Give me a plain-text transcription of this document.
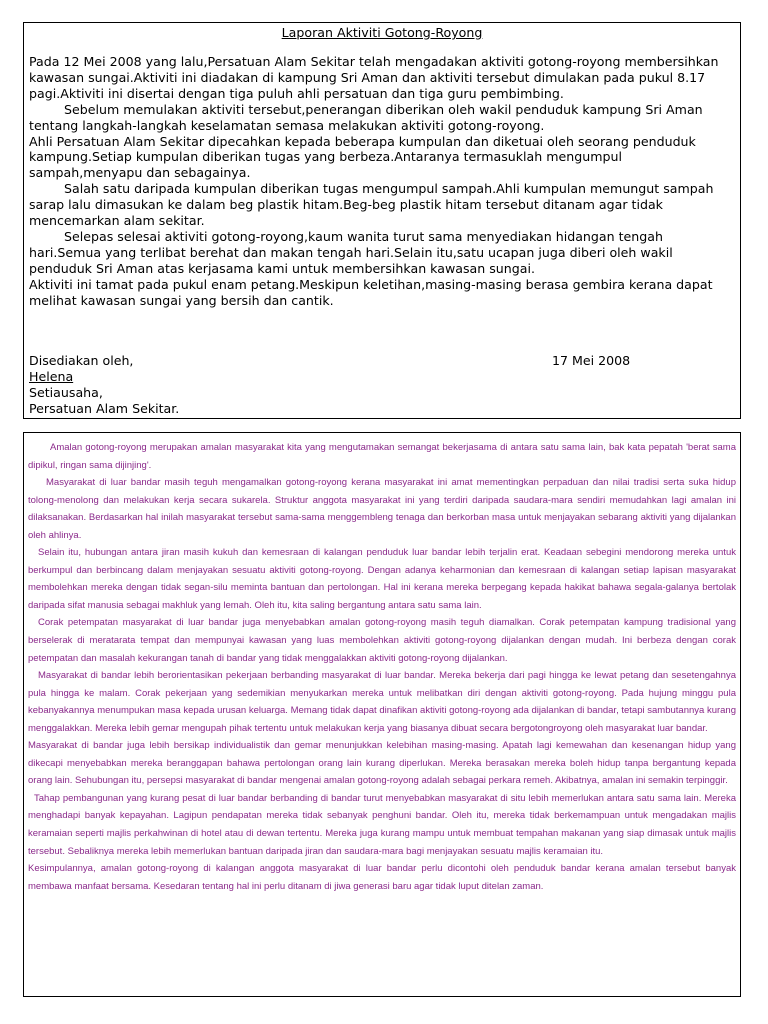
Laporan Aktiviti Gotong-Royong

Pada 12 Mei 2008 yang lalu,Persatuan Alam Sekitar telah mengadakan aktiviti gotong-royong membersihkan kawasan sungai.Aktiviti ini diadakan di kampung Sri Aman dan aktiviti tersebut dimulakan pada pukul 8.17 pagi.Aktiviti ini disertai dengan tiga puluh ahli persatuan dan tiga guru pembimbing.

Sebelum memulakan aktiviti tersebut,penerangan diberikan oleh wakil penduduk kampung Sri Aman tentang langkah-langkah keselamatan semasa melakukan aktiviti gotong-royong.

Ahli Persatuan Alam Sekitar dipecahkan kepada beberapa kumpulan dan diketuai oleh seorang penduduk kampung.Setiap kumpulan diberikan tugas yang berbeza.Antaranya termasuklah mengumpul sampah,menyapu dan sebagainya.

Salah satu daripada kumpulan diberikan tugas mengumpul sampah.Ahli kumpulan memungut sampah sarap lalu dimasukan ke dalam beg plastik hitam.Beg-beg plastik hitam tersebut ditanam agar tidak mencemarkan alam sekitar.

Selepas selesai aktiviti gotong-royong,kaum wanita turut sama menyediakan hidangan tengah hari.Semua yang terlibat berehat dan makan tengah hari.Selain itu,satu ucapan juga diberi oleh wakil penduduk Sri Aman atas kerjasama kami untuk membersihkan kawasan sungai.

Aktiviti ini tamat pada pukul enam petang.Meskipun keletihan,masing-masing berasa gembira kerana dapat melihat kawasan sungai yang bersih dan cantik.

Disediakan oleh,
Helena
Setiausaha,
Persatuan Alam Sekitar.
17 Mei 2008

Amalan gotong-royong merupakan amalan masyarakat kita yang mengutamakan semangat bekerjasama di antara satu sama lain, bak kata pepatah 'berat sama dipikul, ringan sama dijinjing'.

Masyarakat di luar bandar masih teguh mengamalkan gotong-royong kerana masyarakat ini amat mementingkan perpaduan dan nilai tradisi serta suka hidup tolong-menolong dan melakukan kerja secara sukarela. Struktur anggota masyarakat ini yang terdiri daripada saudara-mara sendiri memudahkan lagi amalan ini dilaksanakan. Berdasarkan hal inilah masyarakat tersebut sama-sama menggembleng tenaga dan berkorban masa untuk menjayakan sebarang aktiviti yang dijalankan oleh ahlinya.

Selain itu, hubungan antara jiran masih kukuh dan kemesraan di kalangan penduduk luar bandar lebih terjalin erat. Keadaan sebegini mendorong mereka untuk berkumpul dan berbincang dalam menjayakan sesuatu aktiviti gotong-royong. Dengan adanya keharmonian dan kemesraan di kalangan setiap lapisan masyarakat membolehkan mereka dengan tidak segan-silu meminta bantuan dan pertolongan. Hal ini kerana mereka berpegang kepada hakikat bahawa segala-galanya bertolak daripada sifat manusia sebagai makhluk yang lemah. Oleh itu, kita saling bergantung antara satu sama lain.

Corak petempatan masyarakat di luar bandar juga menyebabkan amalan gotong-royong masih teguh diamalkan. Corak petempatan kampung tradisional yang berselerak di meratarata tempat dan mempunyai kawasan yang luas membolehkan aktiviti gotong-royong dijalankan dengan mudah. Ini berbeza dengan corak petempatan dan masalah kekurangan tanah di bandar yang tidak menggalakkan aktiviti gotong-royong dijalankan.

Masyarakat di bandar lebih berorientasikan pekerjaan berbanding masyarakat di luar bandar. Mereka bekerja dari pagi hingga ke lewat petang dan sesetengahnya pula hingga ke malam. Corak pekerjaan yang sedemikian menyukarkan mereka untuk melibatkan diri dengan aktiviti gotong-royong. Pada hujung minggu pula kebanyakannya menumpukan masa kepada urusan keluarga. Memang tidak dapat dinafikan aktiviti gotong-royong ada dijalankan di bandar, tetapi sambutannya kurang menggalakkan. Mereka lebih gemar mengupah pihak tertentu untuk melakukan kerja yang biasanya dibuat secara bergotongroyong oleh masyarakat luar bandar.

Masyarakat di bandar juga lebih bersikap individualistik dan gemar menunjukkan kelebihan masing-masing. Apatah lagi kemewahan dan kesenangan hidup yang dikecapi menyebabkan mereka beranggapan bahawa pertolongan orang lain kurang diperlukan. Mereka berasakan mereka boleh hidup tanpa bergantung kepada orang lain. Sehubungan itu, persepsi masyarakat di bandar mengenai amalan gotong-royong adalah sebagai perkara remeh. Akibatnya, amalan ini semakin terpinggir.

Tahap pembangunan yang kurang pesat di luar bandar berbanding di bandar turut menyebabkan masyarakat di situ lebih memerlukan antara satu sama lain. Mereka menghadapi banyak kepayahan. Lagipun pendapatan mereka tidak sebanyak penghuni bandar. Oleh itu, mereka tidak berkemampuan untuk mengadakan majlis keramaian seperti majlis perkahwinan di hotel atau di dewan tertentu. Mereka juga kurang mampu untuk membuat tempahan makanan yang siap dimasak untuk majlis tersebut. Sebaliknya mereka lebih memerlukan bantuan daripada jiran dan saudara-mara bagi menjayakan sesuatu majlis keramaian itu.

Kesimpulannya, amalan gotong-royong di kalangan anggota masyarakat di luar bandar perlu dicontohi oleh penduduk bandar kerana amalan tersebut banyak membawa manfaat bersama. Kesedaran tentang hal ini perlu ditanam di jiwa generasi baru agar tidak luput ditelan zaman.
